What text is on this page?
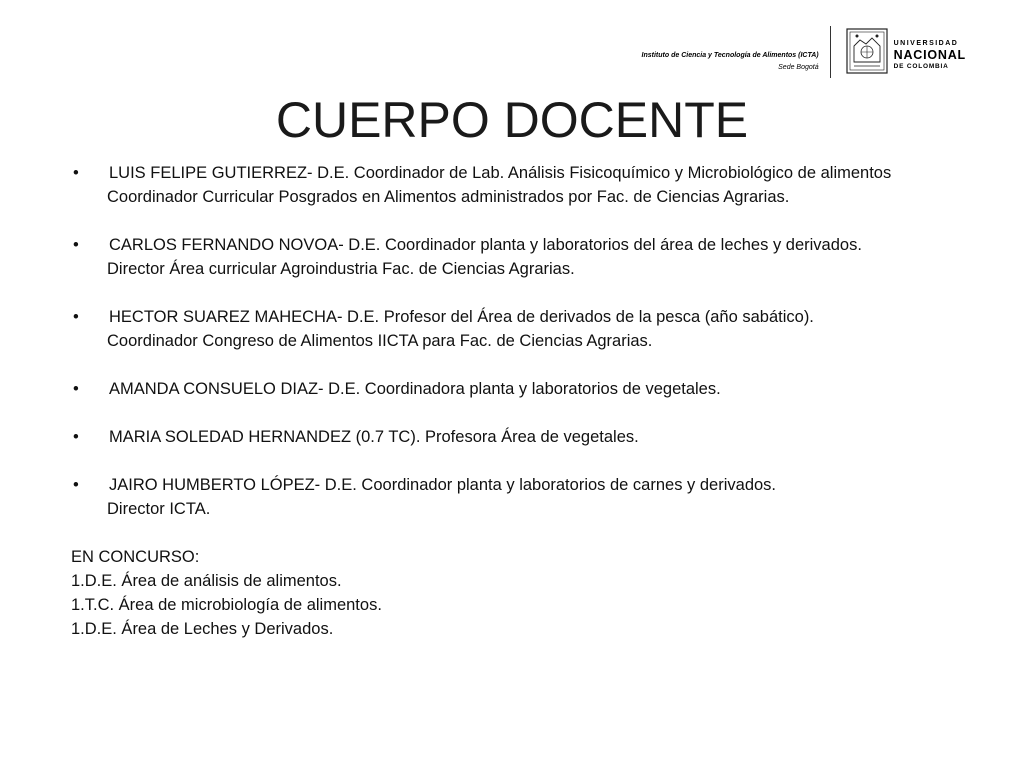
Instituto de Ciencia y Tecnología de Alimentos (ICTA)
Sede Bogotá
UNIVERSIDAD
NACIONAL
DE COLOMBIA
CUERPO DOCENTE
• LUIS FELIPE GUTIERREZ- D.E. Coordinador de Lab. Análisis Fisicoquímico y Microbiológico de alimentos
Coordinador Curricular Posgrados en Alimentos administrados por Fac. de Ciencias Agrarias.
• CARLOS FERNANDO NOVOA- D.E. Coordinador planta y laboratorios del área de leches y derivados.
Director Área curricular Agroindustria Fac. de Ciencias Agrarias.
• HECTOR SUAREZ MAHECHA- D.E. Profesor del Área de derivados de la pesca (año sabático).
Coordinador Congreso de Alimentos IICTA para Fac. de Ciencias Agrarias.
• AMANDA CONSUELO DIAZ- D.E. Coordinadora planta y laboratorios de vegetales.
• MARIA SOLEDAD HERNANDEZ (0.7 TC). Profesora Área de vegetales.
• JAIRO HUMBERTO LÓPEZ- D.E. Coordinador planta y laboratorios de carnes y derivados.
Director ICTA.
EN CONCURSO:
1.D.E. Área de análisis de alimentos.
1.T.C. Área de microbiología de alimentos.
1.D.E. Área de Leches y Derivados.
